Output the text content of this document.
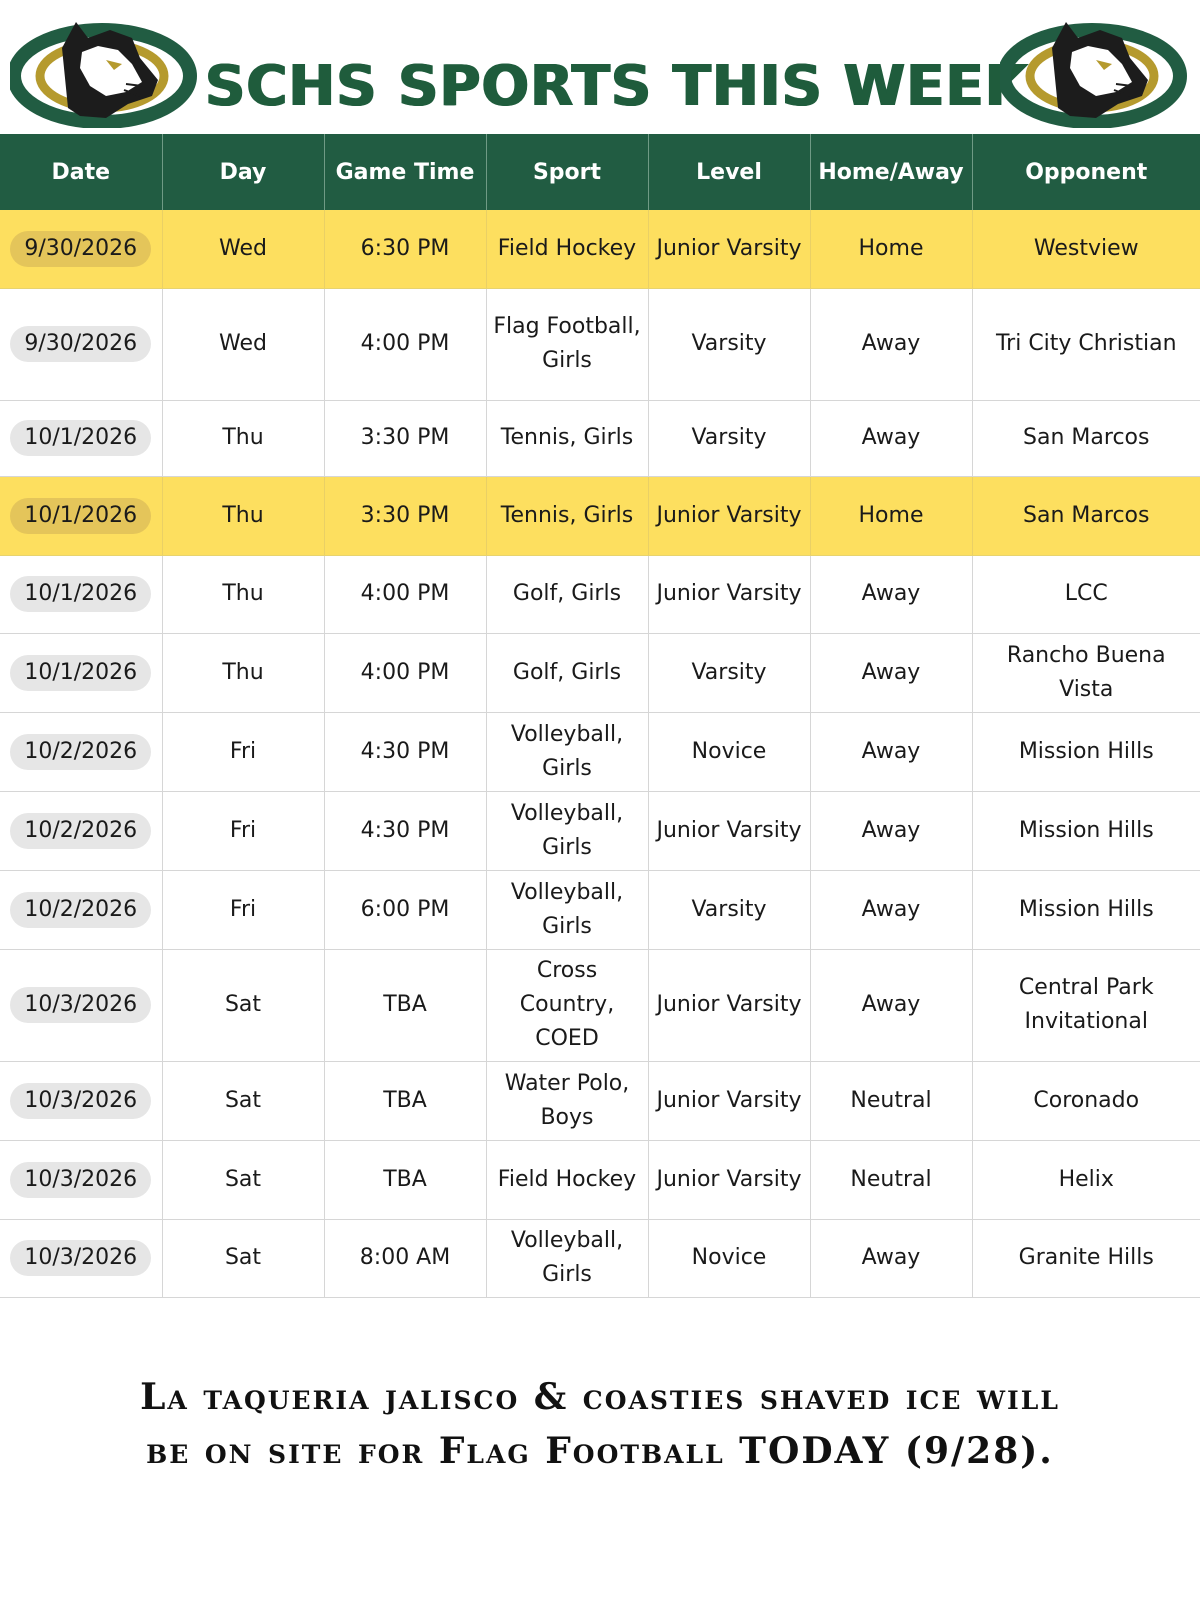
SCHS SPORTS THIS WEEK
Date	Day	Game Time	Sport	Level	Home/Away	Opponent
9/30/2026	Wed	6:30 PM	Field Hockey	Junior Varsity	Home	Westview
9/30/2026	Wed	4:00 PM	Flag Football, Girls	Varsity	Away	Tri City Christian
10/1/2026	Thu	3:30 PM	Tennis, Girls	Varsity	Away	San Marcos
10/1/2026	Thu	3:30 PM	Tennis, Girls	Junior Varsity	Home	San Marcos
10/1/2026	Thu	4:00 PM	Golf, Girls	Junior Varsity	Away	LCC
10/1/2026	Thu	4:00 PM	Golf, Girls	Varsity	Away	Rancho Buena Vista
10/2/2026	Fri	4:30 PM	Volleyball, Girls	Novice	Away	Mission Hills
10/2/2026	Fri	4:30 PM	Volleyball, Girls	Junior Varsity	Away	Mission Hills
10/2/2026	Fri	6:00 PM	Volleyball, Girls	Varsity	Away	Mission Hills
10/3/2026	Sat	TBA	Cross Country, COED	Junior Varsity	Away	Central Park Invitational
10/3/2026	Sat	TBA	Water Polo, Boys	Junior Varsity	Neutral	Coronado
10/3/2026	Sat	TBA	Field Hockey	Junior Varsity	Neutral	Helix
10/3/2026	Sat	8:00 AM	Volleyball, Girls	Novice	Away	Granite Hills
La taqueria jalisco & coasties shaved ice will
be on site for Flag Football TODAY (9/28).
